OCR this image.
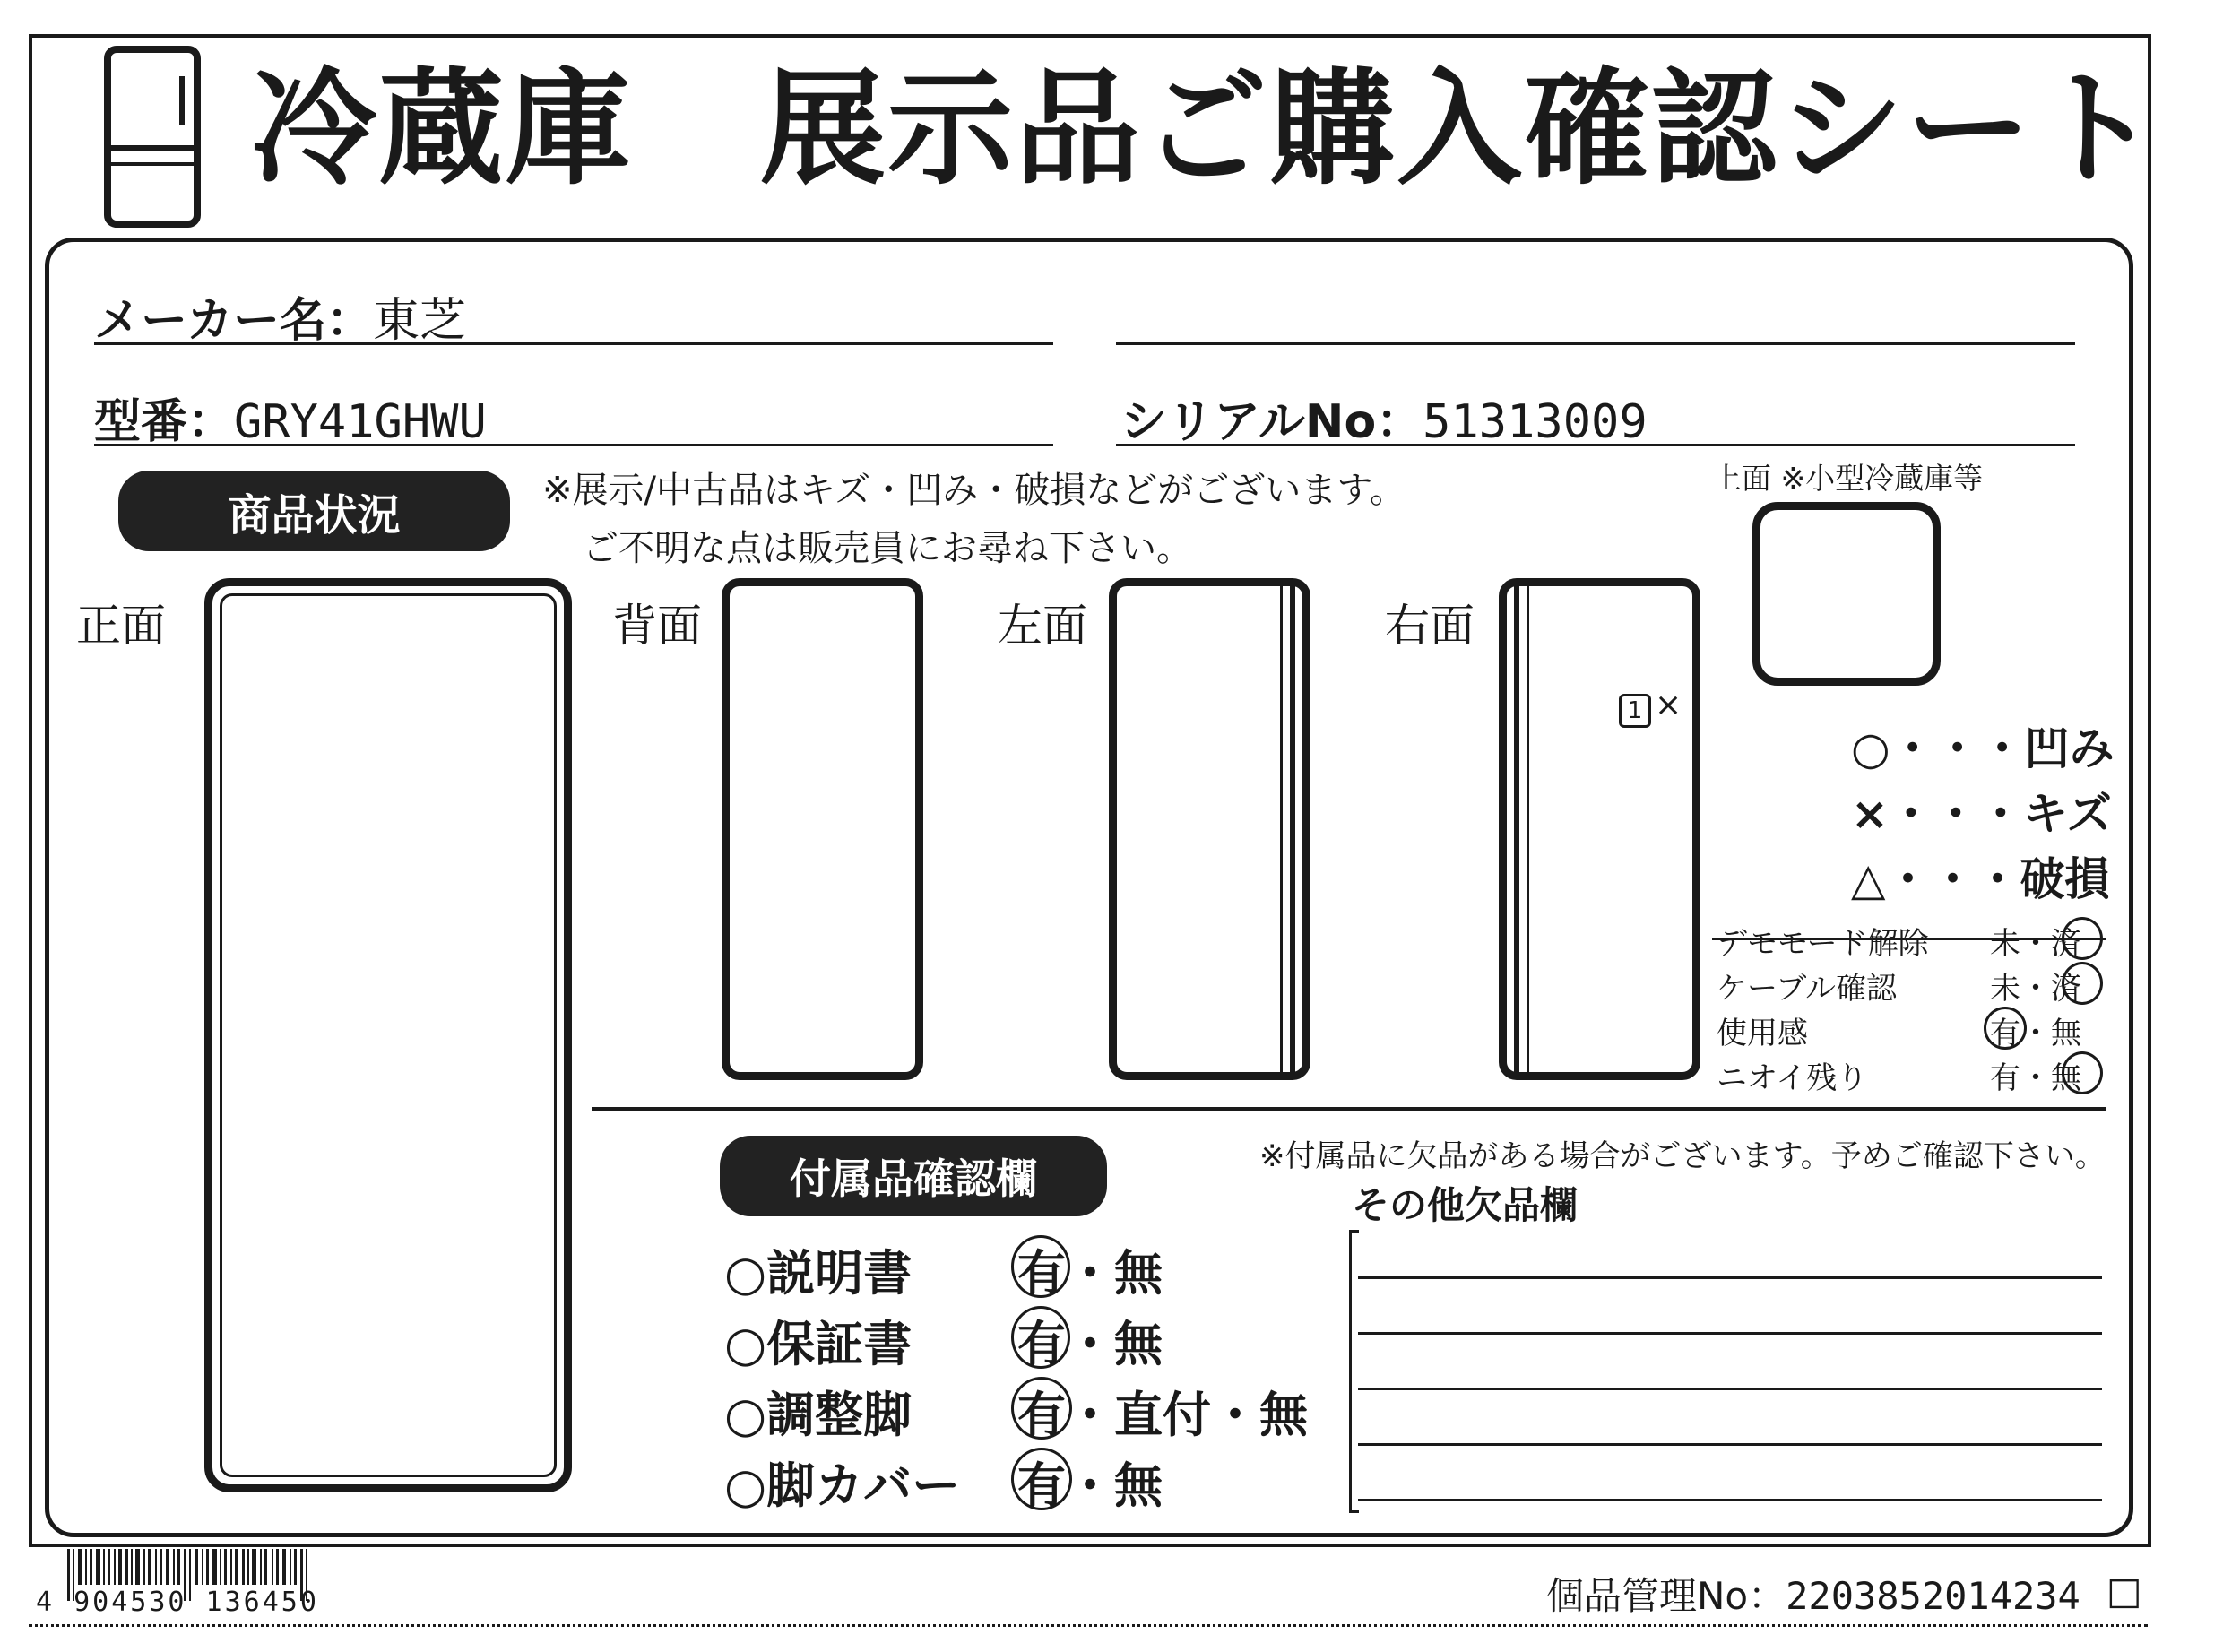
冷蔵庫　展示品ご購入確認シート
メーカー名：東芝
型番：GRY41GHWU	シリアルNo：51313009
商品状況	※展示/中古品はキズ・凹み・破損などがございます。
ご不明な点は販売員にお尋ね下さい。
上面 ※小型冷蔵庫等
正面	背面	左面	右面
1 ×
○・・・凹み
×・・・キズ
△・・・破損
デモモード解除 未・済
ケーブル確認	未・済
使用感	有・無
ニオイ残り	有・無
付属品確認欄	※付属品に欠品がある場合がございます。予めご確認下さい。
その他欠品欄
○説明書 有・無
○保証書 有・無
○調整脚 有・直付・無
○脚カバー 有・無
4 904530 136450	個品管理No：2203852014234 □
